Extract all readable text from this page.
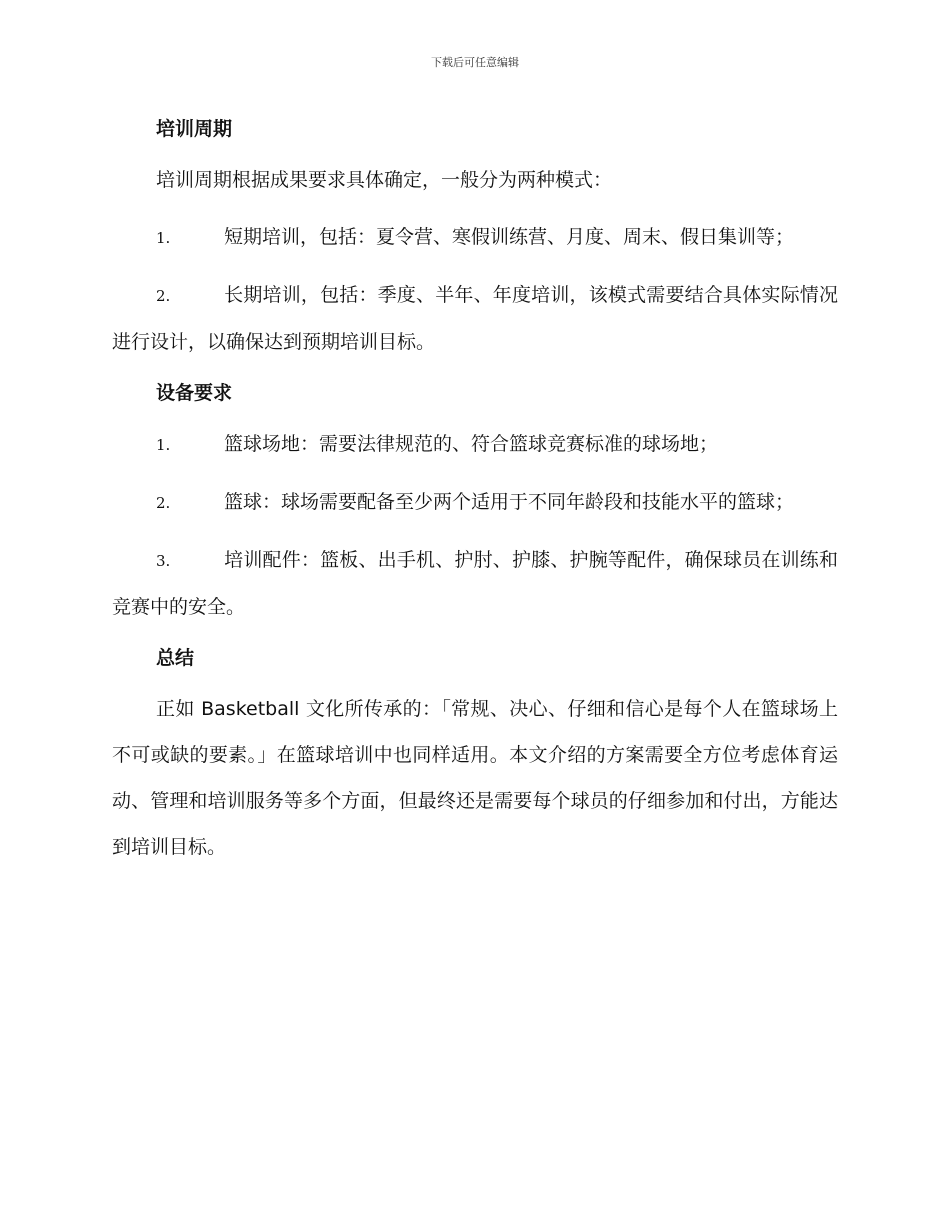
下载后可任意编辑
培训周期

培训周期根据成果要求具体确定，一般分为两种模式：

1.	短期培训，包括：夏令营、寒假训练营、月度、周末、假日集训等；

2.	长期培训，包括：季度、半年、年度培训，该模式需要结合具体实际情况进行设计，以确保达到预期培训目标。

设备要求

1.	篮球场地：需要法律规范的、符合篮球竞赛标准的球场地；

2.	篮球：球场需要配备至少两个适用于不同年龄段和技能水平的篮球；

3.	培训配件：篮板、出手机、护肘、护膝、护腕等配件，确保球员在训练和竞赛中的安全。

总结

正如 Basketball 文化所传承的：「常规、决心、仔细和信心是每个人在篮球场上不可或缺的要素。」在篮球培训中也同样适用。本文介绍的方案需要全方位考虑体育运动、管理和培训服务等多个方面，但最终还是需要每个球员的仔细参加和付出，方能达到培训目标。
